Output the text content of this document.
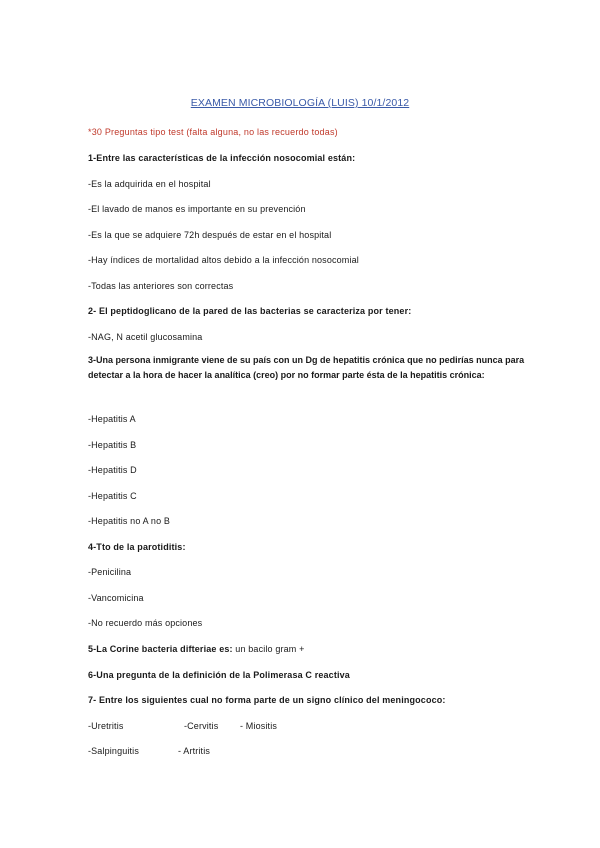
EXAMEN MICROBIOLOGÍA (LUIS) 10/1/2012
*30 Preguntas tipo test (falta alguna, no las recuerdo todas)
1-Entre las características de la infección nosocomial están:
-Es la adquirida en el hospital
-El lavado de manos es importante en su prevención
-Es la que se adquiere 72h después de estar en el hospital
-Hay índices de mortalidad altos debido a la infección nosocomial
-Todas las anteriores son correctas
2- El peptidoglicano de la pared de las bacterias se caracteriza por tener:
-NAG, N acetil glucosamina
3-Una persona inmigrante viene de su país con un Dg de hepatitis crónica que no pedirías nunca para detectar a la hora de hacer la analítica (creo) por no formar parte ésta de la hepatitis crónica:
-Hepatitis A
-Hepatitis B
-Hepatitis D
-Hepatitis C
-Hepatitis no A no B
4-Tto de la parotiditis:
-Penicilina
-Vancomicina
-No recuerdo más opciones
5-La Corine bacteria difteriae es: un bacilo gram +
6-Una pregunta de la definición de la Polimerasa C reactiva
7- Entre los siguientes cual no forma parte de un signo clínico del meningococo:
-Uretritis	-Cervitis - Miositis
-Salpinguitis	- Artritis
